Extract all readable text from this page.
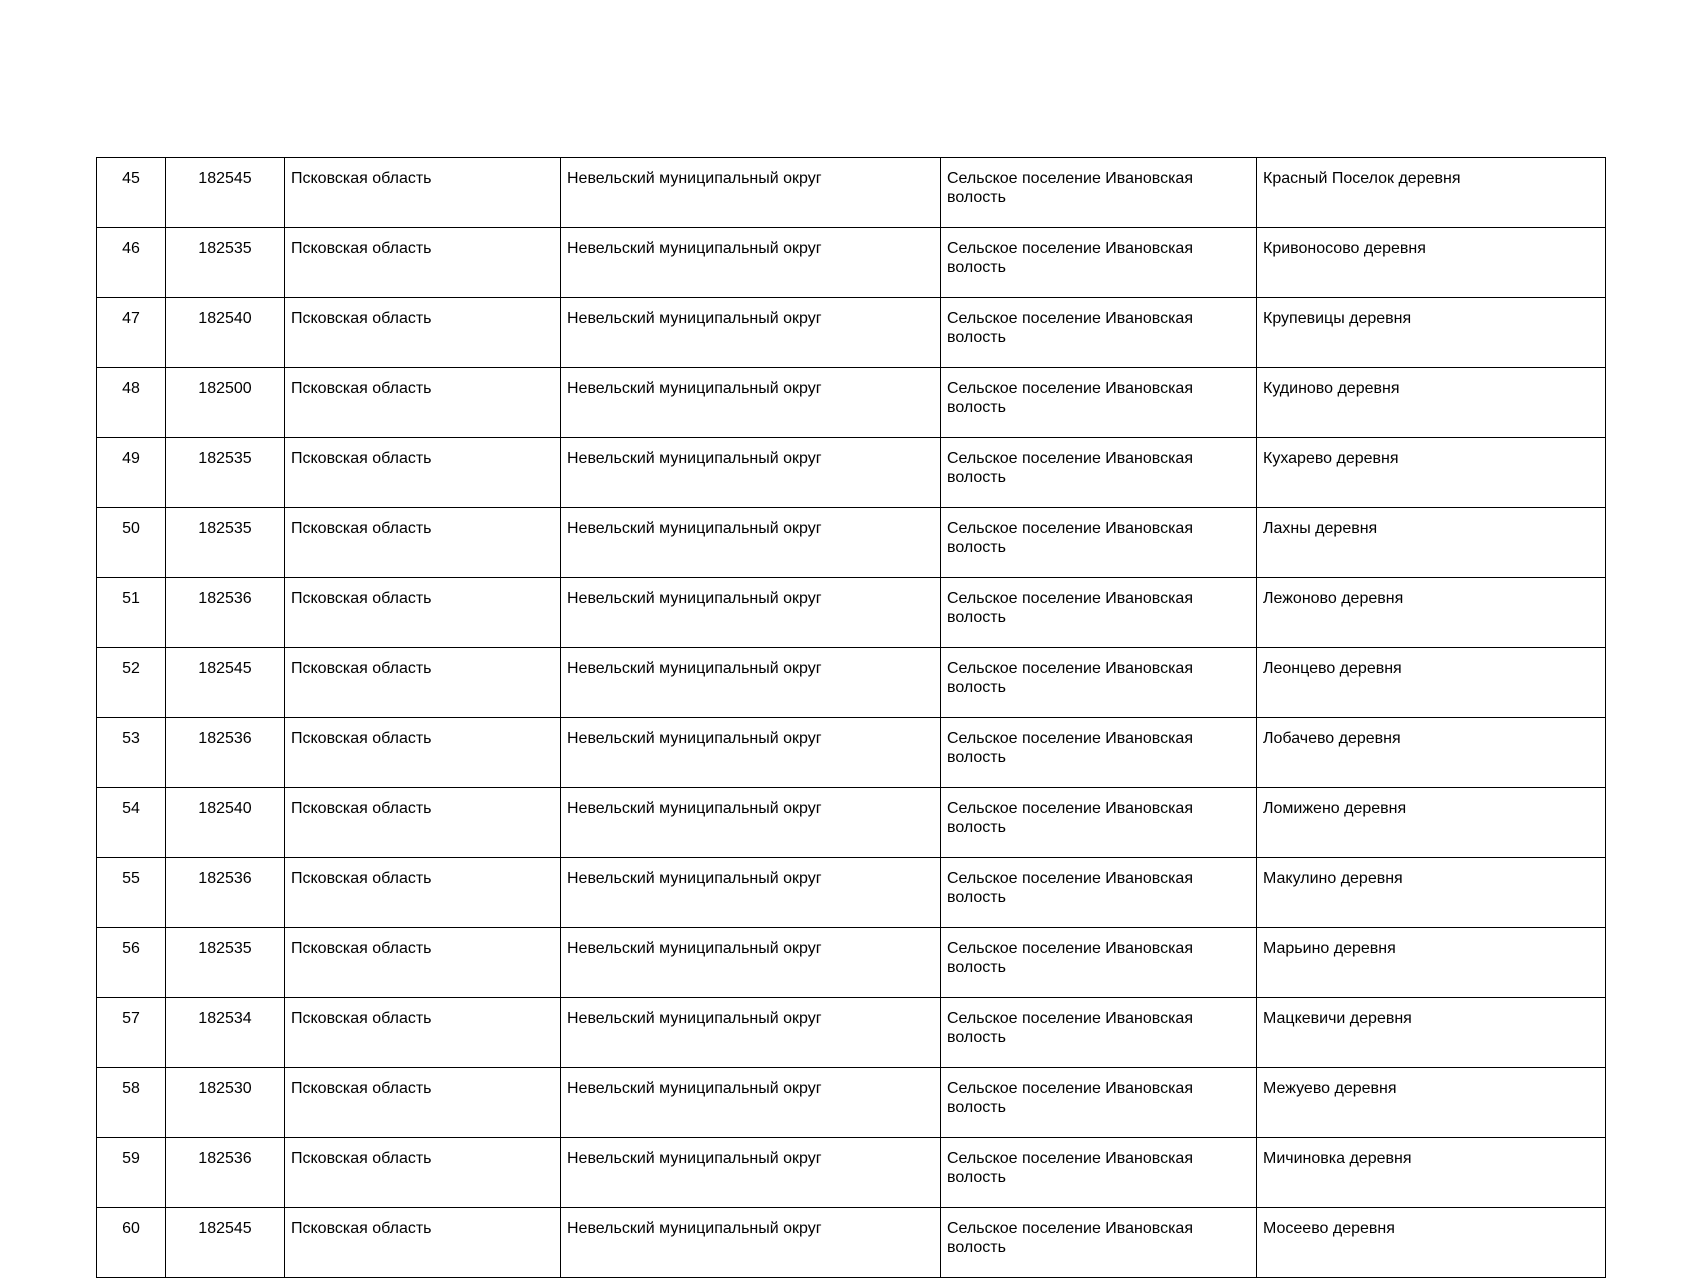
45	182545	Псковская область	Невельский муниципальный округ	Сельское поселение Ивановская волость	Красный Поселок деревня
46	182535	Псковская область	Невельский муниципальный округ	Сельское поселение Ивановская волость	Кривоносово деревня
47	182540	Псковская область	Невельский муниципальный округ	Сельское поселение Ивановская волость	Крупевицы деревня
48	182500	Псковская область	Невельский муниципальный округ	Сельское поселение Ивановская волость	Кудиново деревня
49	182535	Псковская область	Невельский муниципальный округ	Сельское поселение Ивановская волость	Кухарево деревня
50	182535	Псковская область	Невельский муниципальный округ	Сельское поселение Ивановская волость	Лахны деревня
51	182536	Псковская область	Невельский муниципальный округ	Сельское поселение Ивановская волость	Лежоново деревня
52	182545	Псковская область	Невельский муниципальный округ	Сельское поселение Ивановская волость	Леонцево деревня
53	182536	Псковская область	Невельский муниципальный округ	Сельское поселение Ивановская волость	Лобачево деревня
54	182540	Псковская область	Невельский муниципальный округ	Сельское поселение Ивановская волость	Ломижено деревня
55	182536	Псковская область	Невельский муниципальный округ	Сельское поселение Ивановская волость	Макулино деревня
56	182535	Псковская область	Невельский муниципальный округ	Сельское поселение Ивановская волость	Марьино деревня
57	182534	Псковская область	Невельский муниципальный округ	Сельское поселение Ивановская волость	Мацкевичи деревня
58	182530	Псковская область	Невельский муниципальный округ	Сельское поселение Ивановская волость	Межуево деревня
59	182536	Псковская область	Невельский муниципальный округ	Сельское поселение Ивановская волость	Мичиновка деревня
60	182545	Псковская область	Невельский муниципальный округ	Сельское поселение Ивановская волость	Мосеево деревня
